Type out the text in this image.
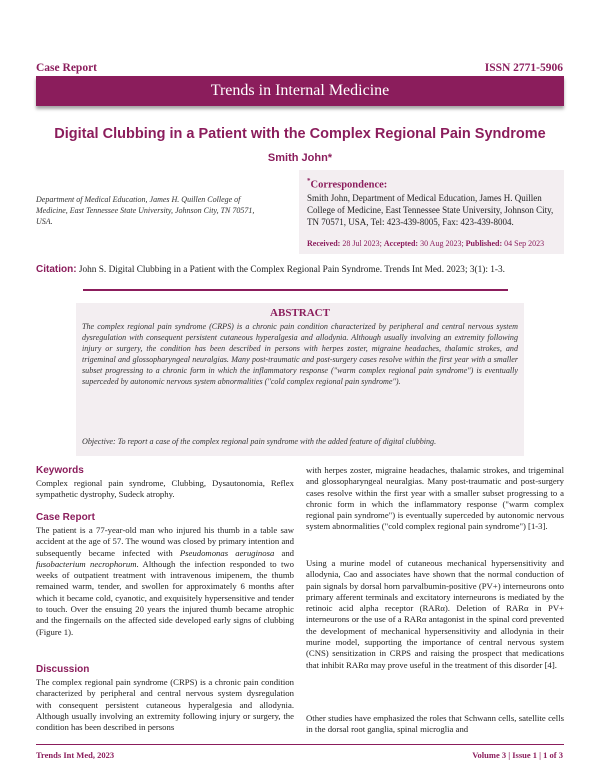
Case Report	ISSN 2771-5906
Trends in Internal Medicine
Digital Clubbing in a Patient with the Complex Regional Pain Syndrome
Smith John*
Department of Medical Education, James H. Quillen College of Medicine, East Tennessee State University, Johnson City, TN 70571, USA.
*Correspondence:
Smith John, Department of Medical Education, James H. Quillen College of Medicine, East Tennessee State University, Johnson City, TN 70571, USA, Tel: 423-439-8005, Fax: 423-439-8004.
Received: 28 Jul 2023; Accepted: 30 Aug 2023; Published: 04 Sep 2023
Citation: John S. Digital Clubbing in a Patient with the Complex Regional Pain Syndrome. Trends Int Med. 2023; 3(1): 1-3.
ABSTRACT
The complex regional pain syndrome (CRPS) is a chronic pain condition characterized by peripheral and central nervous system dysregulation with consequent persistent cutaneous hyperalgesia and allodynia. Although usually involving an extremity following injury or surgery, the condition has been described in persons with herpes zoster, migraine headaches, thalamic strokes, and trigeminal and glossopharyngeal neuralgias. Many post-traumatic and post-surgery cases resolve within the first year with a smaller subset progressing to a chronic form in which the inflammatory response ("warm complex regional pain syndrome") is eventually superceded by autonomic nervous system abnormalities ("cold complex regional pain syndrome").
Objective: To report a case of the complex regional pain syndrome with the added feature of digital clubbing.
Keywords
Complex regional pain syndrome, Clubbing, Dysautonomia, Reflex sympathetic dystrophy, Sudeck atrophy.
Case Report
The patient is a 77-year-old man who injured his thumb in a table saw accident at the age of 57. The wound was closed by primary intention and subsequently became infected with Pseudomonas aeruginosa and fusobacterium necrophorum. Although the infection responded to two weeks of outpatient treatment with intravenous imipenem, the thumb remained warm, tender, and swollen for approximately 6 months after which it became cold, cyanotic, and exquisitely hypersensitive and tender to touch. Over the ensuing 20 years the injured thumb became atrophic and the fingernails on the affected side developed early signs of clubbing (Figure 1).
Discussion
The complex regional pain syndrome (CRPS) is a chronic pain condition characterized by peripheral and central nervous system dysregulation with consequent persistent cutaneous hyperalgesia and allodynia. Although usually involving an extremity following injury or surgery, the condition has been described in persons
with herpes zoster, migraine headaches, thalamic strokes, and trigeminal and glossopharyngeal neuralgias. Many post-traumatic and post-surgery cases resolve within the first year with a smaller subset progressing to a chronic form in which the inflammatory response ("warm complex regional pain syndrome") is eventually superceded by autonomic nervous system abnormalities ("cold complex regional pain syndrome") [1-3].
Using a murine model of cutaneous mechanical hypersensitivity and allodynia, Cao and associates have shown that the normal conduction of pain signals by dorsal horn parvalbumin-positive (PV+) interneurons onto primary afferent terminals and excitatory interneurons is mediated by the retinoic acid alpha receptor (RARα). Deletion of RARα in PV+ interneurons or the use of a RARα antagonist in the spinal cord prevented the development of mechanical hypersensitivity and allodynia in their murine model, supporting the importance of central nervous system (CNS) sensitization in CRPS and raising the prospect that medications that inhibit RARα may prove useful in the treatment of this disorder [4].
Other studies have emphasized the roles that Schwann cells, satellite cells in the dorsal root ganglia, spinal microglia and
Trends Int Med, 2023	Volume 3 | Issue 1 | 1 of 3
